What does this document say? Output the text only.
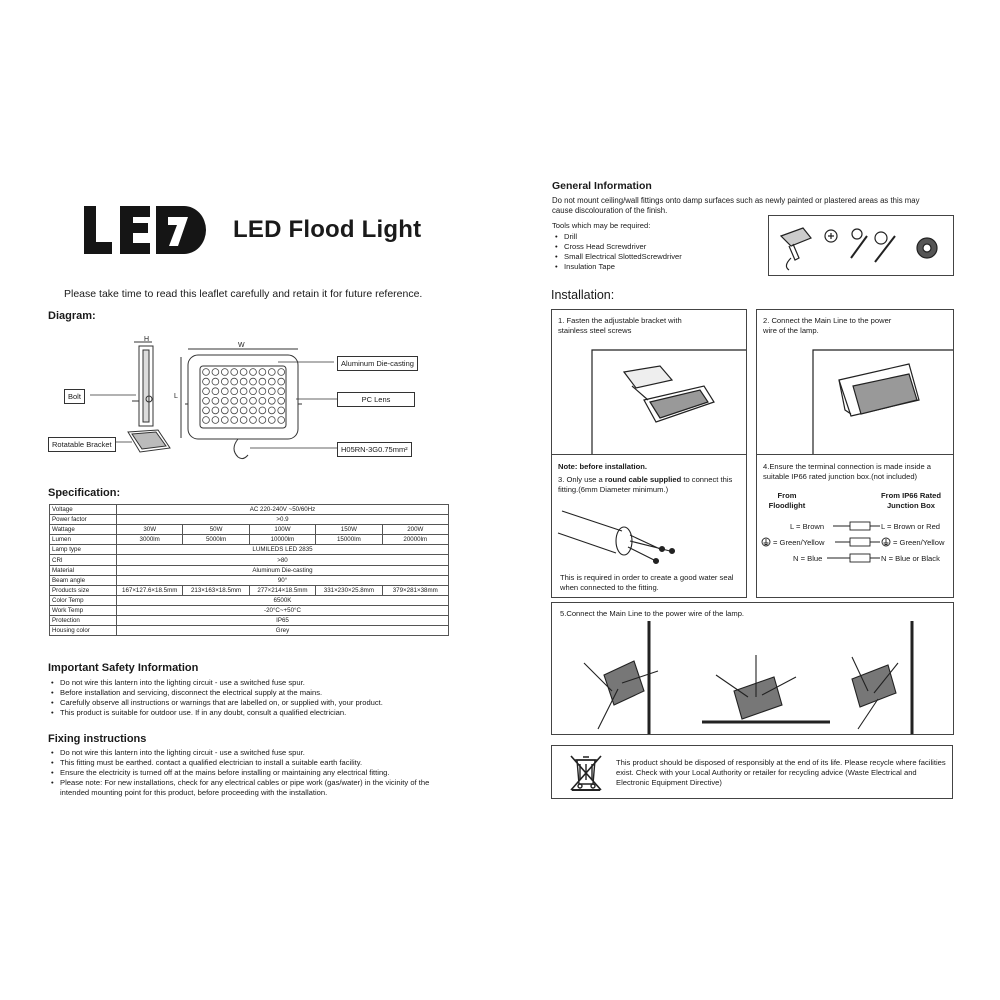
LED Flood Light
Please take time to read this leaflet carefully and retain it for future reference.
Diagram:
H
W
L
Bolt
Rotatable Bracket
Aluminum Die-casting
PC Lens
H05RN-3G0.75mm²
Specification:
Voltage	AC 220-240V ~50/60Hz				
Power factor	>0.9				
Wattage	30W	50W	100W	150W	200W
Lumen	3000lm	5000lm	10000lm	15000lm	20000lm
Lamp type	LUMILEDS LED 2835				
CRI	>80				
Material	Aluminum Die-casting				
Beam angle	90°				
Products size	167×127.6×18.5mm	213×163×18.5mm	277×214×18.5mm	331×230×25.8mm	379×281×38mm
Color Temp	6500K				
Work Temp	-20°C~+50°C				
Protection	IP65				
Housing color	Grey				
Important Safety Information
• Do not wire this lantern into the lighting circuit - use a switched fuse spur.
• Before installation and servicing, disconnect the electrical supply at the mains.
• Carefully observe all instructions or warnings that are labelled on, or supplied with, your product.
• This product is suitable for outdoor use. If in any doubt, consult a qualified electrician.
Fixing instructions
• Do not wire this lantern into the lighting circuit - use a switched fuse spur.
• This fitting must be earthed. contact a qualified electrician to install a suitable earth facility.
• Ensure the electricity is turned off at the mains before installing or maintaining any electrical fitting.
• Please note: For new installations, check for any electrical cables or pipe work (gas/water) in the vicinity of the intended mounting point for this product, before proceeding with the installation.
General Information
Do not mount ceiling/wall fittings onto damp surfaces such as newly painted or plastered areas as this may cause discolouration of the finish.
Tools which may be required:
• Drill
• Cross Head Screwdriver
• Small Electrical SlottedScrewdriver
• Insulation Tape
Installation:
1. Fasten the adjustable bracket with stainless steel screws
2. Connect the Main Line to the power wire of the lamp.
Note: before installation.
3. Only use a round cable supplied to connect this fitting.(6mm Diameter minimum.)
This is required in order to create a good water seal when connected to the fitting.
4.Ensure the terminal connection is made inside a suitable IP66 rated junction box.(not included)
From Floodlight
From IP66 Rated Junction Box
L = Brown	L = Brown or Red
= Green/Yellow	= Green/Yellow
N = Blue	N = Blue or Black
5.Connect the Main Line to the power wire of the lamp.
This product should be disposed of responsibly at the end of its life. Please recycle where facilities exist. Check with your Local Authority or retailer for recycling advice (Waste Electrical and Electronic Equipment Directive)
